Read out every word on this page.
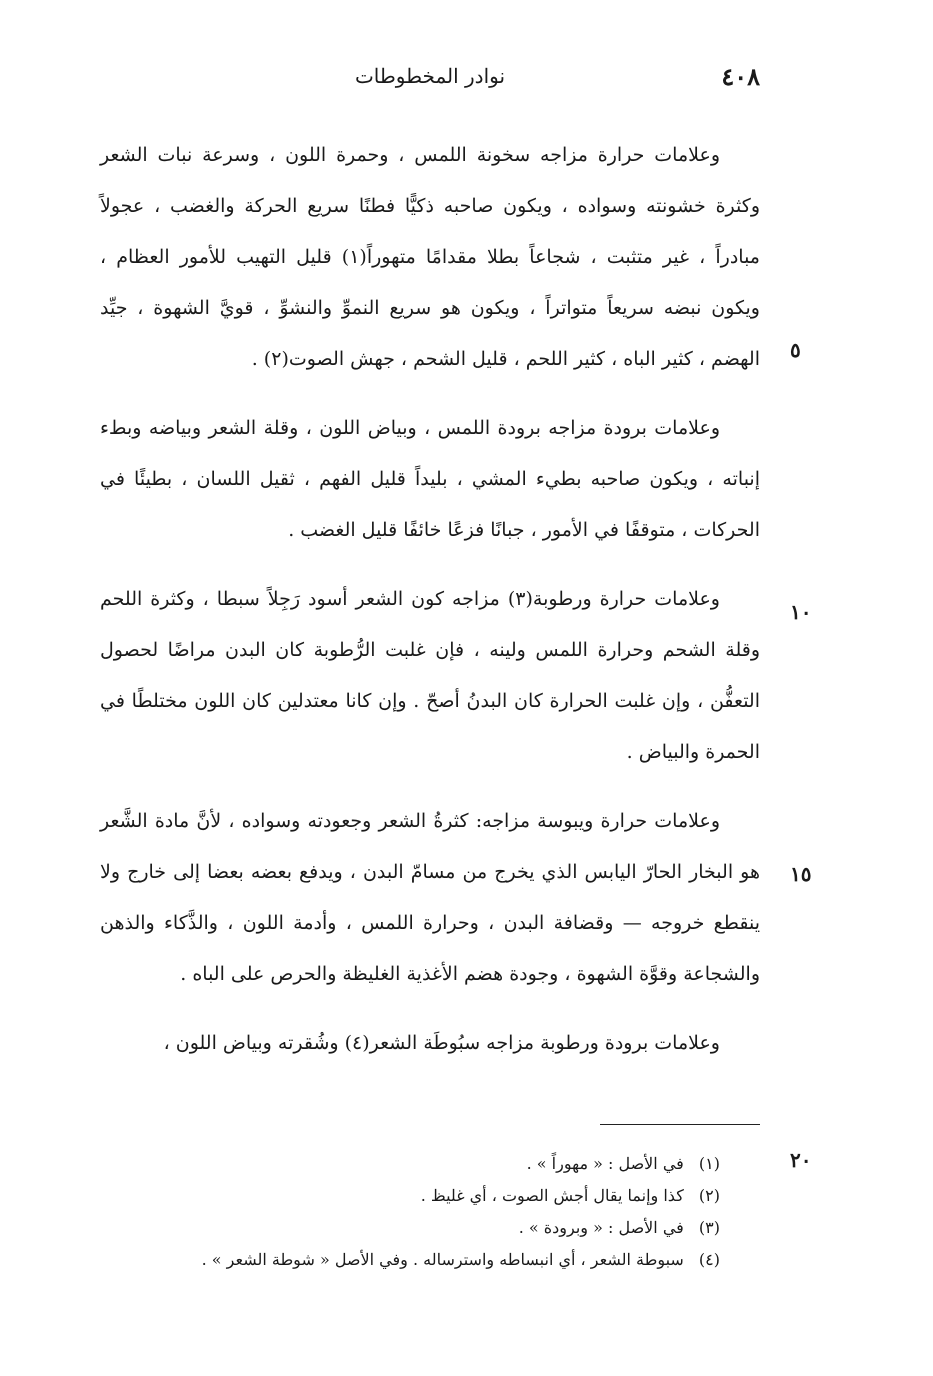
٤٠٨
نوادر المخطوطات

وعلامات حرارة مزاجه سخونة اللمس ، وحمرة اللون ، وسرعة نبات الشعر وكثرة خشونته وسواده ، ويكون صاحبه ذكيًّا فطنًا سريع الحركة والغضب ، عجولاً مبادراً ، غير متثبت ، شجاعاً بطلا مقدامًا متهوراً(١) قليل التهيب للأمور العظام ، ويكون نبضه سريعاً متواتراً ، ويكون هو سريع النموِّ والنشوِّ ، قويَّ الشهوة ، جيِّد الهضم ، كثير الباه ، كثير اللحم ، قليل الشحم ، جهش الصوت(٢) .

وعلامات برودة مزاجه برودة اللمس ، وبياض اللون ، وقلة الشعر وبياضه وبطء إنباته ، ويكون صاحبه بطيء المشي ، بليداً قليل الفهم ، ثقيل اللسان ، بطيئًا في الحركات ، متوقفًا في الأمور ، جبانًا فزعًا خائفًا قليل الغضب .

وعلامات حرارة ورطوبة(٣) مزاجه كون الشعر أسود رَجِلاً سبطا ، وكثرة اللحم وقلة الشحم وحرارة اللمس ولينه ، فإن غلبت الرُّطوبة كان البدن مراضًا لحصول التعفُّن ، وإن غلبت الحرارة كان البدنُ أصحّ . وإن كانا معتدلين كان اللون مختلطًا في الحمرة والبياض .

وعلامات حرارة ويبوسة مزاجه: كثرةُ الشعر وجعودته وسواده ، لأنَّ مادة الشَّعر هو البخار الحارّ اليابس الذي يخرج من مسامّ البدن ، ويدفع بعضه بعضا إلى خارج ولا ينقطع خروجه — وقضافة البدن ، وحرارة اللمس ، وأدمة اللون ، والذَّكاء والذهن والشجاعة وقوَّة الشهوة ، وجودة هضم الأغذية الغليظة والحرص على الباه .

وعلامات برودة ورطوبة مزاجه سبُوطَة الشعر(٤) وشُقرته وبياض اللون ،

٥
١٠
١٥
٢٠

(١) في الأصل : « مهوراً » .

(٢) كذا وإنما يقال أجش الصوت ، أي غليظ .

(٣) في الأصل : « وبرودة » .

(٤) سبوطة الشعر ، أي انبساطه واسترساله . وفي الأصل « شوطة الشعر » .
